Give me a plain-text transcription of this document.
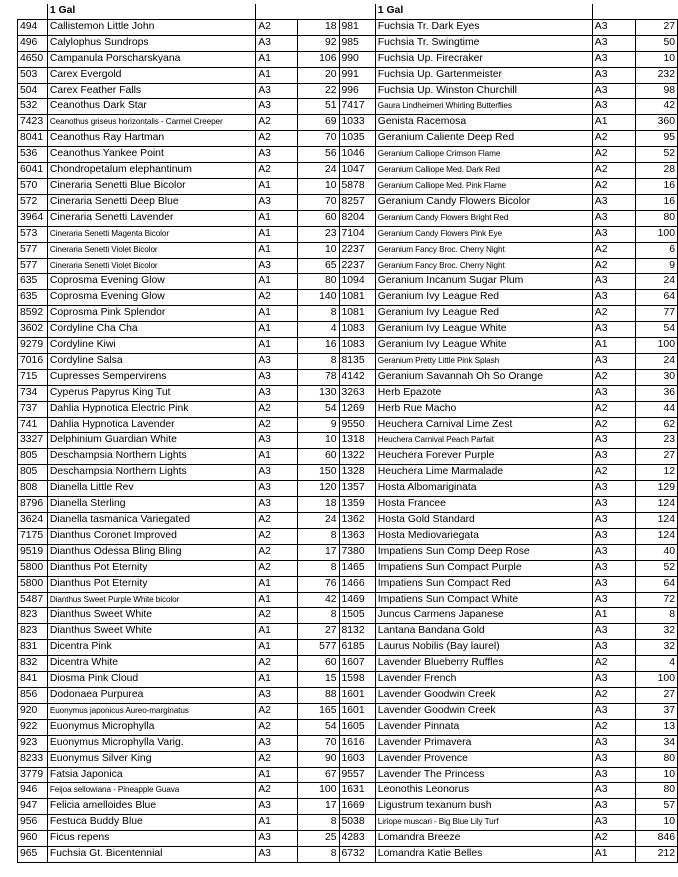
	1 Gal				1 Gal		
494	Callistemon Little John	A2	18	981	Fuchsia Tr. Dark Eyes	A3	27
496	Calylophus Sundrops	A3	92	985	Fuchsia Tr. Swingtime	A3	50
4650	Campanula Porscharskyana	A1	106	990	Fuchsia Up. Firecraker	A3	10
503	Carex Evergold	A1	20	991	Fuchsia Up. Gartenmeister	A3	232
504	Carex Feather Falls	A3	22	996	Fuchsia Up. Winston Churchill	A3	98
532	Ceanothus Dark Star	A3	51	7417	Gaura Lindheimeri Whirling Butterflies	A3	42
7423	Ceanothus griseus horizontalis - Carmel Creeper	A2	69	1033	Genista Racemosa	A1	360
8041	Ceanothus Ray Hartman	A2	70	1035	Geranium Caliente Deep Red	A2	95
536	Ceanothus Yankee Point	A3	56	1046	Geranium Calliope Crimson Flame	A2	52
6041	Chondropetalum elephantinum	A2	24	1047	Geranium Calliope Med. Dark Red	A2	28
570	Cineraria Senetti Blue Bicolor	A1	10	5878	Geranium Calliope Med. Pink Flame	A2	16
572	Cineraria Senetti Deep Blue	A3	70	8257	Geranium Candy Flowers Bicolor	A3	16
3964	Cineraria Senetti Lavender	A1	60	8204	Geranium Candy Flowers Bright Red	A3	80
573	Cineraria Senetti Magenta Bicolor	A1	23	7104	Geranium Candy Flowers Pink Eye	A3	100
577	Cineraria Senetti Violet Bicolor	A1	10	2237	Geranium Fancy Broc. Cherry Night	A2	6
577	Cineraria Senetti Violet Bicolor	A3	65	2237	Geranium Fancy Broc. Cherry Night	A2	9
635	Coprosma Evening Glow	A1	80	1094	Geranium Incanum Sugar Plum	A3	24
635	Coprosma Evening Glow	A2	140	1081	Geranium Ivy League Red	A3	64
8592	Coprosma Pink Splendor	A1	8	1081	Geranium Ivy League Red	A2	77
3602	Cordyline Cha Cha	A1	4	1083	Geranium Ivy League White	A3	54
9279	Cordyline Kiwi	A1	16	1083	Geranium Ivy League White	A1	100
7016	Cordyline Salsa	A3	8	8135	Geranium Pretty Little Pink Splash	A3	24
715	Cupresses Sempervirens	A3	78	4142	Geranium Savannah Oh So Orange	A2	30
734	Cyperus Papyrus King Tut	A3	130	3263	Herb Epazote	A3	36
737	Dahlia Hypnotica Electric Pink	A2	54	1269	Herb Rue Macho	A2	44
741	Dahlia Hypnotica Lavender	A2	9	9550	Heuchera Carnival Lime Zest	A2	62
3327	Delphinium Guardian White	A3	10	1318	Heuchera Carnival Peach Parfait	A3	23
805	Deschampsia Northern Lights	A1	60	1322	Heuchera Forever Purple	A3	27
805	Deschampsia Northern Lights	A3	150	1328	Heuchera Lime Marmalade	A2	12
808	Dianella Little Rev	A3	120	1357	Hosta Albomariginata	A3	129
8796	Dianella Sterling	A3	18	1359	Hosta Francee	A3	124
3624	Dianella tasmanica Variegated	A2	24	1362	Hosta Gold Standard	A3	124
7175	Dianthus Coronet Improved	A2	8	1363	Hosta Mediovariegata	A3	124
9519	Dianthus Odessa Bling Bling	A2	17	7380	Impatiens Sun Comp Deep Rose	A3	40
5800	Dianthus Pot Eternity	A2	8	1465	Impatiens Sun Compact Purple	A3	52
5800	Dianthus Pot Eternity	A1	76	1466	Impatiens Sun Compact Red	A3	64
5487	Dianthus Sweet Purple White bicolor	A1	42	1469	Impatiens Sun Compact White	A3	72
823	Dianthus Sweet White	A2	8	1505	Juncus Carmens Japanese	A1	8
823	Dianthus Sweet White	A1	27	8132	Lantana Bandana Gold	A3	32
831	Dicentra Pink	A1	577	6185	Laurus Nobilis (Bay laurel)	A3	32
832	Dicentra White	A2	60	1607	Lavender Blueberry Ruffles	A2	4
841	Diosma Pink Cloud	A1	15	1598	Lavender French	A3	100
856	Dodonaea Purpurea	A3	88	1601	Lavender Goodwin Creek	A2	27
920	Euonymus japonicus Aureo-marginatus	A2	165	1601	Lavender Goodwin Creek	A3	37
922	Euonymus Microphylla	A2	54	1605	Lavender Pinnata	A2	13
923	Euonymus Microphylla Varig.	A3	70	1616	Lavender Primavera	A3	34
8233	Euonymus Silver King	A2	90	1603	Lavender Provence	A3	80
3779	Fatsia Japonica	A1	67	9557	Lavender The Princess	A3	10
946	Feijoa sellowiana - Pineapple Guava	A2	100	1631	Leonothis Leonorus	A3	80
947	Felicia amelloides Blue	A3	17	1669	Ligustrum texanum bush	A3	57
956	Festuca Buddy Blue	A1	8	5038	Liriope muscari - Big Blue Lily Turf	A3	10
960	Ficus repens	A3	25	4283	Lomandra Breeze	A2	846
965	Fuchsia Gt. Bicentennial	A3	8	6732	Lomandra Katie Belles	A1	212
